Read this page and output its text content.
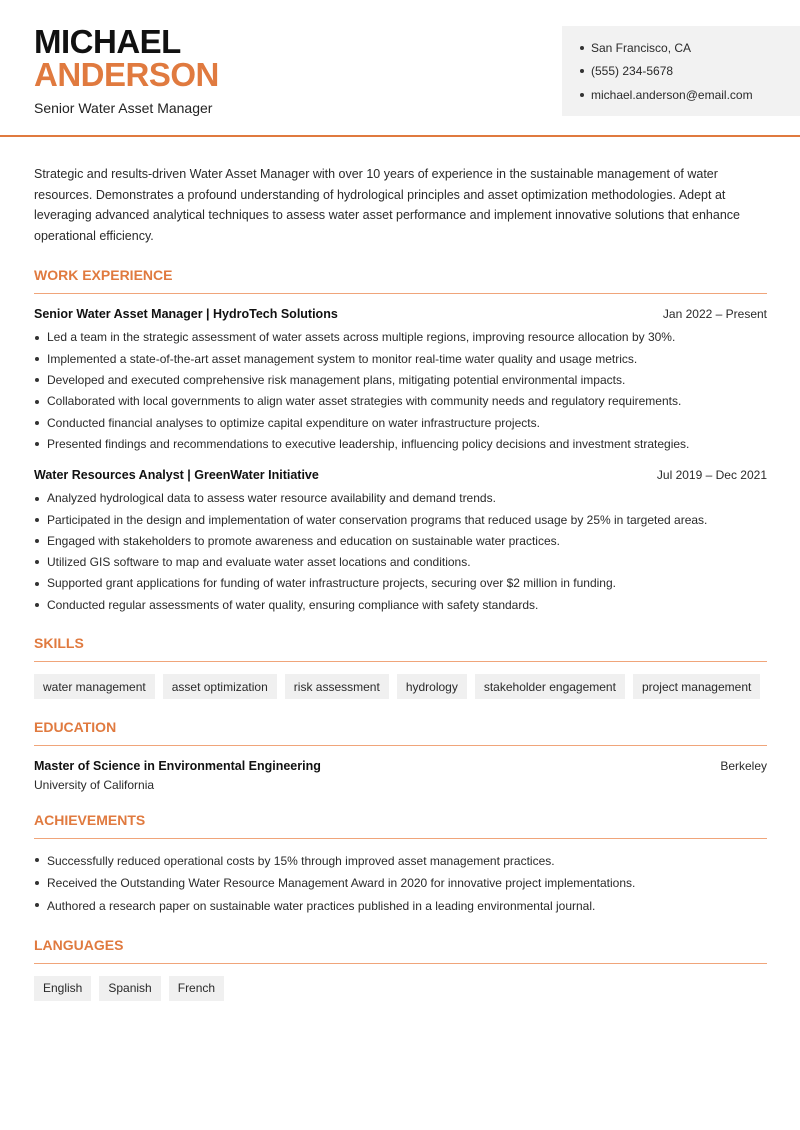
MICHAEL
ANDERSON
Senior Water Asset Manager
San Francisco, CA
(555) 234-5678
michael.anderson@email.com

Strategic and results-driven Water Asset Manager with over 10 years of experience in the sustainable management of water resources. Demonstrates a profound understanding of hydrological principles and asset optimization methodologies. Adept at leveraging advanced analytical techniques to assess water asset performance and implement innovative solutions that enhance operational efficiency.

WORK EXPERIENCE
Senior Water Asset Manager | HydroTech Solutions	Jan 2022 – Present
Led a team in the strategic assessment of water assets across multiple regions, improving resource allocation by 30%.
Implemented a state-of-the-art asset management system to monitor real-time water quality and usage metrics.
Developed and executed comprehensive risk management plans, mitigating potential environmental impacts.
Collaborated with local governments to align water asset strategies with community needs and regulatory requirements.
Conducted financial analyses to optimize capital expenditure on water infrastructure projects.
Presented findings and recommendations to executive leadership, influencing policy decisions and investment strategies.
Water Resources Analyst | GreenWater Initiative	Jul 2019 – Dec 2021
Analyzed hydrological data to assess water resource availability and demand trends.
Participated in the design and implementation of water conservation programs that reduced usage by 25% in targeted areas.
Engaged with stakeholders to promote awareness and education on sustainable water practices.
Utilized GIS software to map and evaluate water asset locations and conditions.
Supported grant applications for funding of water infrastructure projects, securing over $2 million in funding.
Conducted regular assessments of water quality, ensuring compliance with safety standards.
SKILLS
water management	asset optimization	risk assessment	hydrology	stakeholder engagement	project management
EDUCATION
Master of Science in Environmental Engineering	Berkeley
University of California
ACHIEVEMENTS
Successfully reduced operational costs by 15% through improved asset management practices.
Received the Outstanding Water Resource Management Award in 2020 for innovative project implementations.
Authored a research paper on sustainable water practices published in a leading environmental journal.
LANGUAGES
English	Spanish	French
